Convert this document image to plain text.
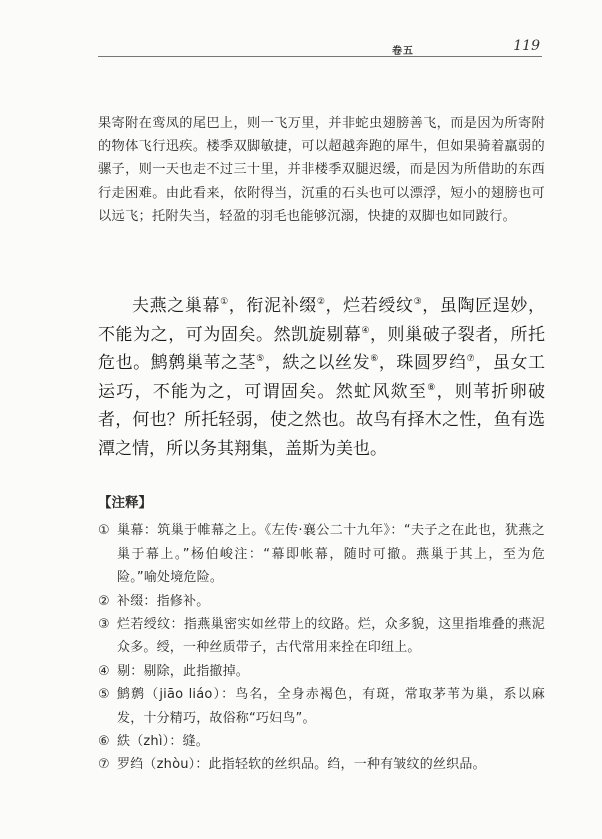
卷五	119

果寄附在鸾凤的尾巴上，则一飞万里，并非蛇虫翅膀善飞，而是因为所寄附的物体飞行迅疾。楼季双脚敏捷，可以超越奔跑的犀牛，但如果骑着羸弱的骡子，则一天也走不过三十里，并非楼季双腿迟缓，而是因为所借助的东西行走困难。由此看来，依附得当，沉重的石头也可以漂浮，短小的翅膀也可以远飞；托附失当，轻盈的羽毛也能够沉溺，快捷的双脚也如同跛行。

夫燕之巢幕①，衔泥补缀②，烂若绶纹③，虽陶匠逞妙，不能为之，可为固矣。然凯旋剔幕④，则巢破子裂者，所托危也。鹪鹩巢苇之茎⑤，紩之以丝发⑥，珠圆罗绉⑦，虽女工运巧，不能为之，可谓固矣。然虻风欻至⑧，则苇折卵破者，何也？所托轻弱，使之然也。故鸟有择木之性，鱼有选潭之情，所以务其翔集，盖斯为美也。

【注释】
① 巢幕：筑巢于帷幕之上。《左传·襄公二十九年》：“夫子之在此也，犹燕之巢于幕上。”杨伯峻注：“幕即帐幕，随时可撤。燕巢于其上，至为危险。”喻处境危险。
② 补缀：指修补。
③ 烂若绶纹：指燕巢密实如丝带上的纹路。烂，众多貌，这里指堆叠的燕泥众多。绶，一种丝质带子，古代常用来拴在印纽上。
④ 剔：剔除，此指撤掉。
⑤ 鹪鹩（jiāo liáo）：鸟名，全身赤褐色，有斑，常取茅苇为巢，系以麻发，十分精巧，故俗称“巧妇鸟”。
⑥ 紩（zhì）：缝。
⑦ 罗绉（zhòu）：此指轻软的丝织品。绉，一种有皱纹的丝织品。
